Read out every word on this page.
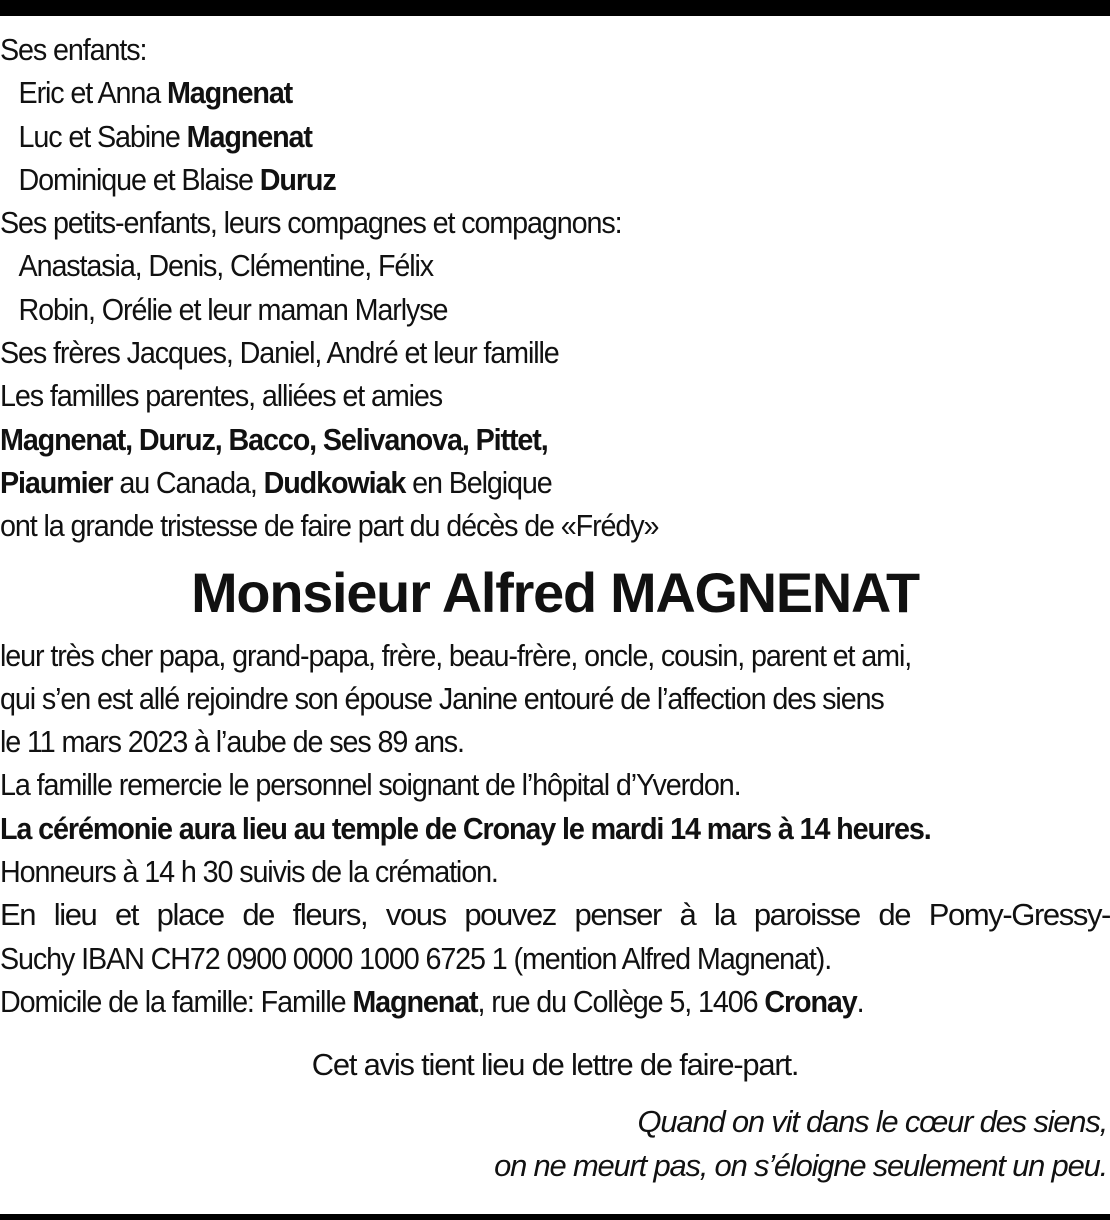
Ses enfants:
Eric et Anna Magnenat
Luc et Sabine Magnenat
Dominique et Blaise Duruz
Ses petits-enfants, leurs compagnes et compagnons:
Anastasia, Denis, Clémentine, Félix
Robin, Orélie et leur maman Marlyse
Ses frères Jacques, Daniel, André et leur famille
Les familles parentes, alliées et amies
Magnenat, Duruz, Bacco, Selivanova, Pittet,
Piaumier au Canada, Dudkowiak en Belgique
ont la grande tristesse de faire part du décès de «Frédy»
Monsieur Alfred MAGNENAT
leur très cher papa, grand-papa, frère, beau-frère, oncle, cousin, parent et ami,
qui s’en est allé rejoindre son épouse Janine entouré de l’affection des siens
le 11 mars 2023 à l’aube de ses 89 ans.
La famille remercie le personnel soignant de l’hôpital d’Yverdon.
La cérémonie aura lieu au temple de Cronay le mardi 14 mars à 14 heures.
Honneurs à 14 h 30 suivis de la crémation.
En lieu et place de fleurs, vous pouvez penser à la paroisse de Pomy-Gressy-
Suchy IBAN CH72 0900 0000 1000 6725 1 (mention Alfred Magnenat).
Domicile de la famille: Famille Magnenat, rue du Collège 5, 1406 Cronay.
Cet avis tient lieu de lettre de faire-part.
Quand on vit dans le cœur des siens,
on ne meurt pas, on s’éloigne seulement un peu.
